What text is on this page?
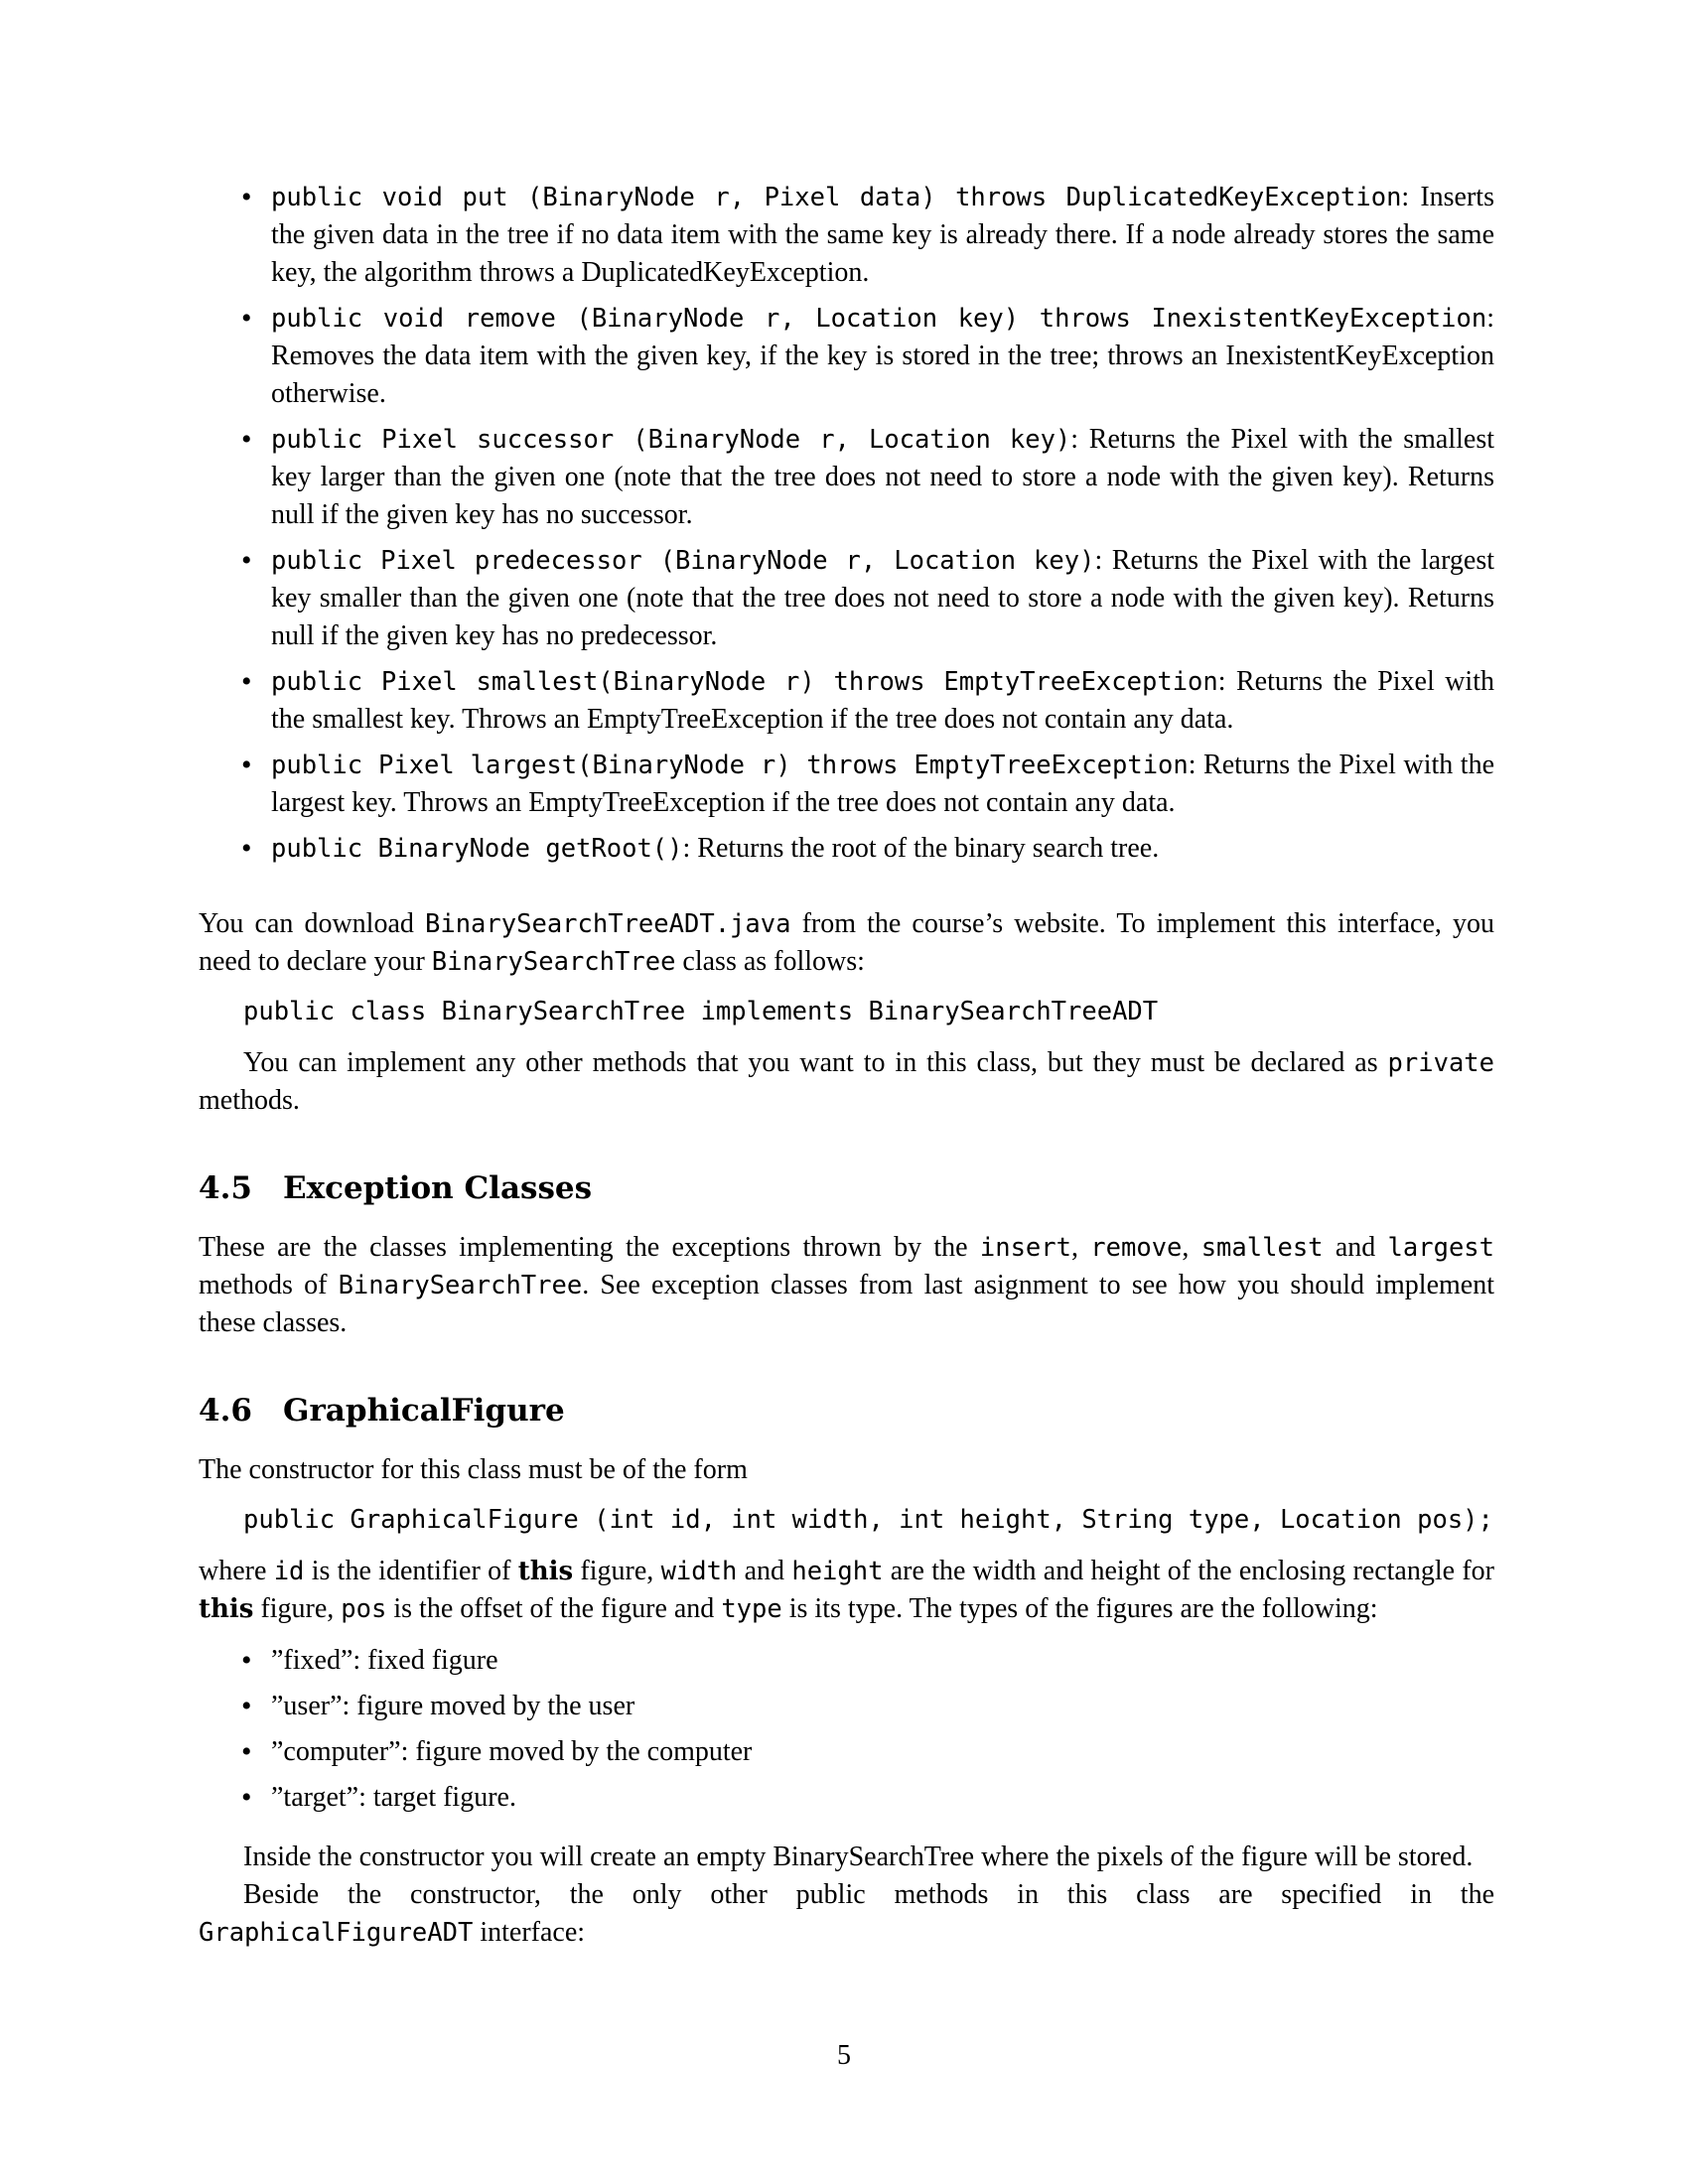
• public void put (BinaryNode r, Pixel data) throws DuplicatedKeyException: Inserts the given data in the tree if no data item with the same key is already there. If a node already stores the same key, the algorithm throws a DuplicatedKeyException.
• public void remove (BinaryNode r, Location key) throws InexistentKeyException: Removes the data item with the given key, if the key is stored in the tree; throws an InexistentKeyException otherwise.
• public Pixel successor (BinaryNode r, Location key): Returns the Pixel with the smallest key larger than the given one (note that the tree does not need to store a node with the given key). Returns null if the given key has no successor.
• public Pixel predecessor (BinaryNode r, Location key): Returns the Pixel with the largest key smaller than the given one (note that the tree does not need to store a node with the given key). Returns null if the given key has no predecessor.
• public Pixel smallest(BinaryNode r) throws EmptyTreeException: Returns the Pixel with the smallest key. Throws an EmptyTreeException if the tree does not contain any data.
• public Pixel largest(BinaryNode r) throws EmptyTreeException: Returns the Pixel with the largest key. Throws an EmptyTreeException if the tree does not contain any data.
• public BinaryNode getRoot(): Returns the root of the binary search tree.

You can download BinarySearchTreeADT.java from the course’s website. To implement this interface, you need to declare your BinarySearchTree class as follows:

public class BinarySearchTree implements BinarySearchTreeADT

You can implement any other methods that you want to in this class, but they must be declared as private methods.

4.5 Exception Classes

These are the classes implementing the exceptions thrown by the insert, remove, smallest and largest methods of BinarySearchTree. See exception classes from last asignment to see how you should implement these classes.

4.6 GraphicalFigure

The constructor for this class must be of the form

public GraphicalFigure (int id, int width, int height, String type, Location pos);

where id is the identifier of this figure, width and height are the width and height of the enclosing rectangle for this figure, pos is the offset of the figure and type is its type. The types of the figures are the following:

• ”fixed”: fixed figure
• ”user”: figure moved by the user
• ”computer”: figure moved by the computer
• ”target”: target figure.

Inside the constructor you will create an empty BinarySearchTree where the pixels of the figure will be stored.

Beside the constructor, the only other public methods in this class are specified in the

GraphicalFigureADT interface:

5
